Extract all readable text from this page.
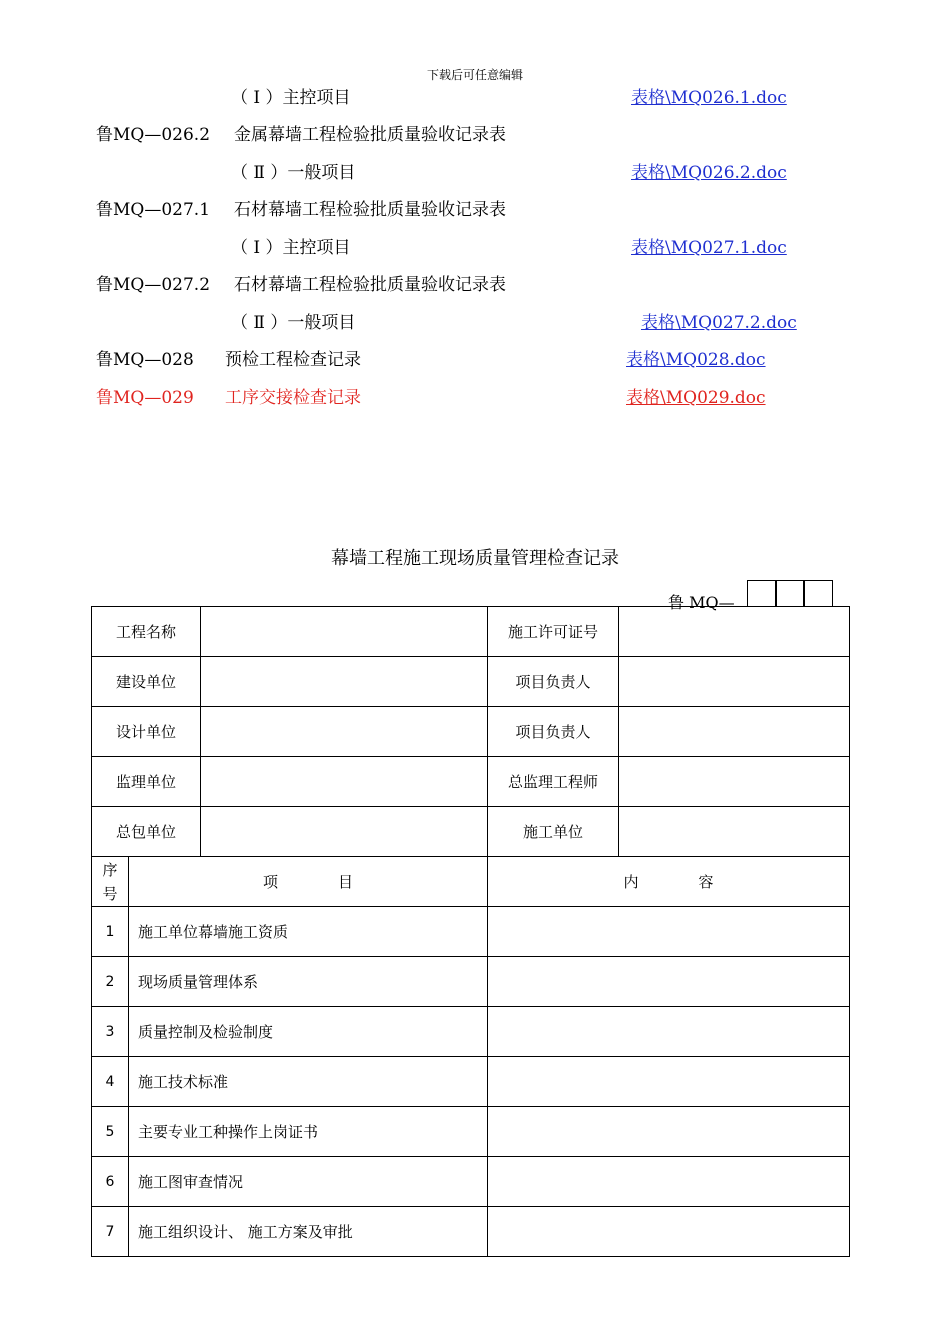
下载后可任意编辑
（ Ⅰ ）主控项目	表格\MQ026.1.doc
鲁MQ—026.2 金属幕墙工程检验批质量验收记录表
（ Ⅱ ）一般项目	表格\MQ026.2.doc
鲁MQ—027.1 石材幕墙工程检验批质量验收记录表
（ Ⅰ ）主控项目	表格\MQ027.1.doc
鲁MQ—027.2 石材幕墙工程检验批质量验收记录表
（ Ⅱ ）一般项目	表格\MQ027.2.doc
鲁MQ—028 预检工程检查记录	表格\MQ028.doc
鲁MQ—029 工序交接检查记录	表格\MQ029.doc
幕墙工程施工现场质量管理检查记录
鲁 MQ—
工程名称			施工许可证号	
建设单位			项目负责人	
设计单位			项目负责人	
监理单位			总监理工程师	
总包单位			施工单位	

序
号	项　　　　目		内　　　　容	
1	施工单位幕墙施工资质			
2	现场质量管理体系			
3	质量控制及检验制度			
4	施工技术标准			
5	主要专业工种操作上岗证书			
6	施工图审查情况			
7	施工组织设计、 施工方案及审批			
